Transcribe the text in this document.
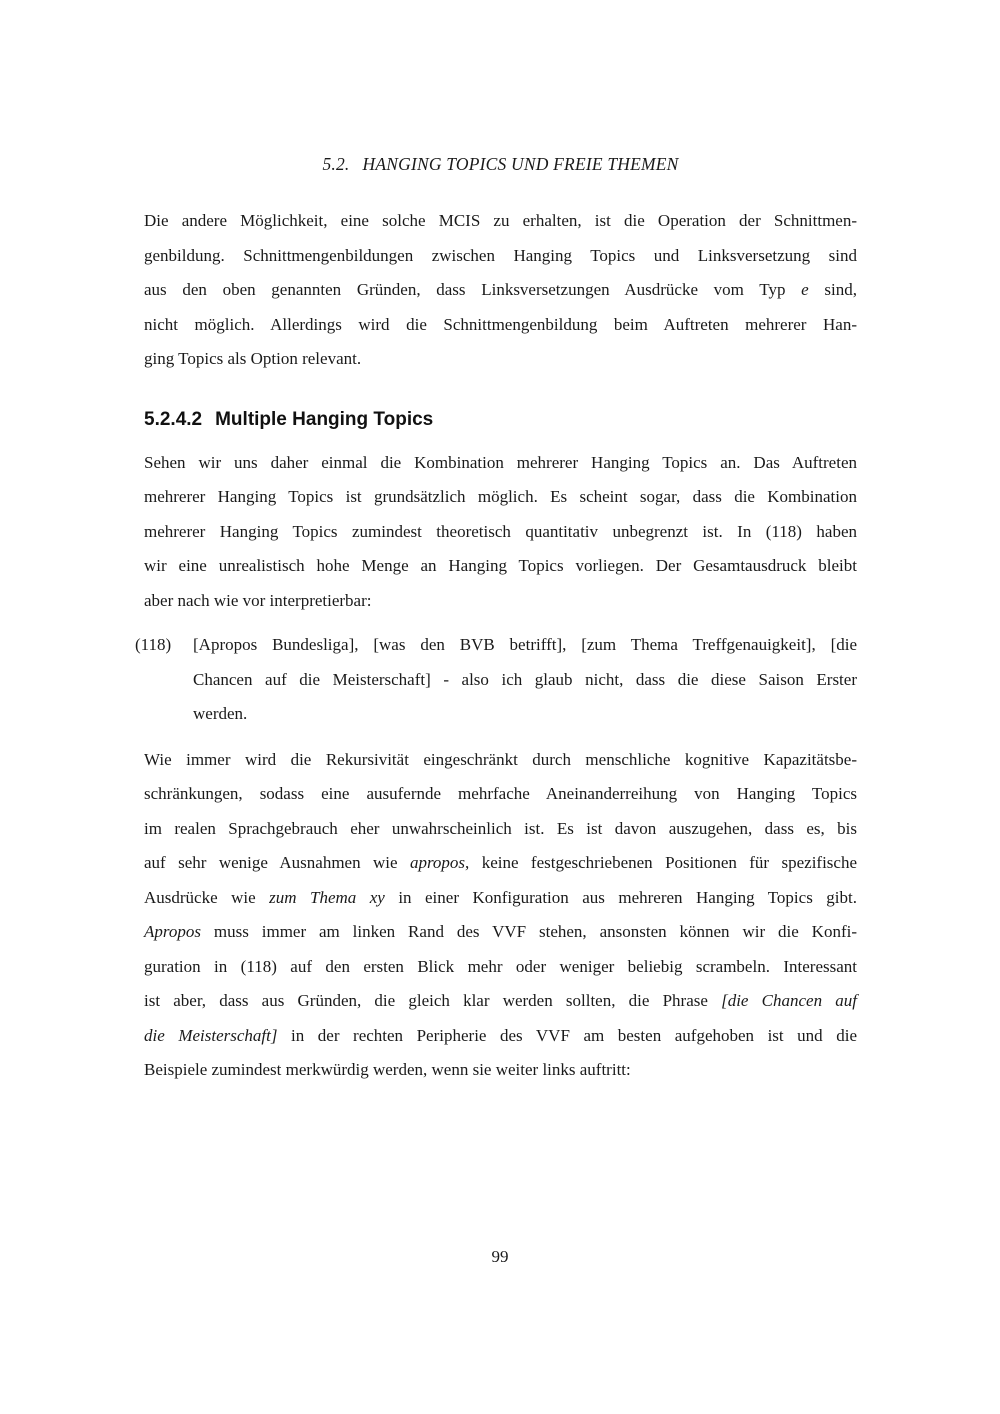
5.2. HANGING TOPICS UND FREIE THEMEN
Die andere Möglichkeit, eine solche MCIS zu erhalten, ist die Operation der Schnittmen-
genbildung. Schnittmengenbildungen zwischen Hanging Topics und Linksversetzung sind
aus den oben genannten Gründen, dass Linksversetzungen Ausdrücke vom Typ e sind,
nicht möglich. Allerdings wird die Schnittmengenbildung beim Auftreten mehrerer Han-
ging Topics als Option relevant.
5.2.4.2 Multiple Hanging Topics
Sehen wir uns daher einmal die Kombination mehrerer Hanging Topics an. Das Auftreten
mehrerer Hanging Topics ist grundsätzlich möglich. Es scheint sogar, dass die Kombination
mehrerer Hanging Topics zumindest theoretisch quantitativ unbegrenzt ist. In (118) haben
wir eine unrealistisch hohe Menge an Hanging Topics vorliegen. Der Gesamtausdruck bleibt
aber nach wie vor interpretierbar:
(118)	[Apropos Bundesliga], [was den BVB betrifft], [zum Thema Treffgenauigkeit], [die
Chancen auf die Meisterschaft] - also ich glaub nicht, dass die diese Saison Erster
werden.
Wie immer wird die Rekursivität eingeschränkt durch menschliche kognitive Kapazitätsbe-
schränkungen, sodass eine ausufernde mehrfache Aneinanderreihung von Hanging Topics
im realen Sprachgebrauch eher unwahrscheinlich ist. Es ist davon auszugehen, dass es, bis
auf sehr wenige Ausnahmen wie apropos, keine festgeschriebenen Positionen für spezifische
Ausdrücke wie zum Thema xy in einer Konfiguration aus mehreren Hanging Topics gibt.
Apropos muss immer am linken Rand des VVF stehen, ansonsten können wir die Konfi-
guration in (118) auf den ersten Blick mehr oder weniger beliebig scrambeln. Interessant
ist aber, dass aus Gründen, die gleich klar werden sollten, die Phrase [die Chancen auf
die Meisterschaft] in der rechten Peripherie des VVF am besten aufgehoben ist und die
Beispiele zumindest merkwürdig werden, wenn sie weiter links auftritt:
99
